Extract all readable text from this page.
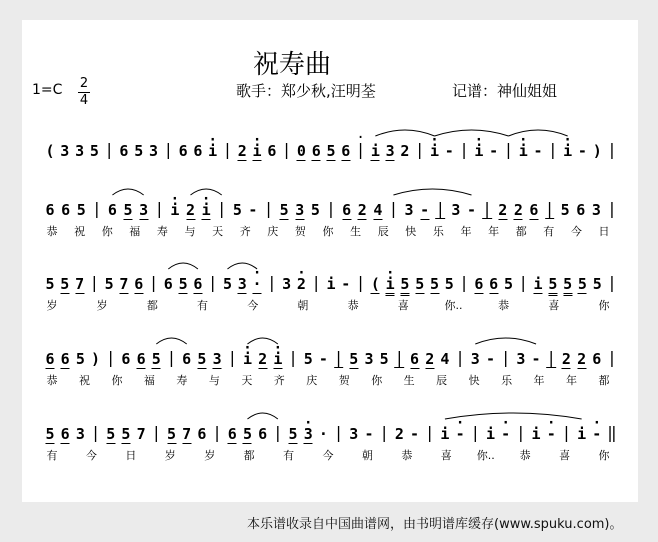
祝寿曲
1=C 2
4
歌手：郑少秋,汪明荃	记谱：神仙姐姐
( 3 3 5 | 6 5 3 | 6 6 · i | 2 · i 6 | 0 6 5 6 · | i 3 2 | · i - | · i - | · i - | · i - ) |
6 6 5 | 6 5 3 | · i 2 · i | 5 - | 5 3 5 | 6 2 4 | 3 - | 3 - | 2 2 6 | 5 6 3 |
恭 祝 你 福 寿 与 天 齐 庆 贺 你 生 辰 快 乐 年 年 都 有 今 日
5 5 7 | 5 7 6 | 6 5 6 | 5 3 · · | 3 · 2 | i - | ( · i 5 5 5 5 | 6 6 5 | i 5 5 5 5 |
岁	岁	都	有	今	朝	恭	喜	你..	恭	喜	你
6 6 5 ) | 6 6 5 | 6 5 3 | · i 2 · i | 5 - | 5 3 5 | 6 2 4 | 3 - | 3 - | 2 2 6 |
恭 祝 你 福 寿 与 天 齐 庆 贺 你 生 辰 快 乐 年 年 都
5 6 3 | 5 5 7 | 5 7 6 | 6 5 6 | 5 · 3 · | 3 - | 2 - | i · - | i · - | i · - | i · - ‖
有	今	日	岁	岁	都	有	今	朝	恭	喜 你.. 恭	喜	你
本乐谱收录自中国曲谱网，由书明谱库缓存(www.spuku.com)。
